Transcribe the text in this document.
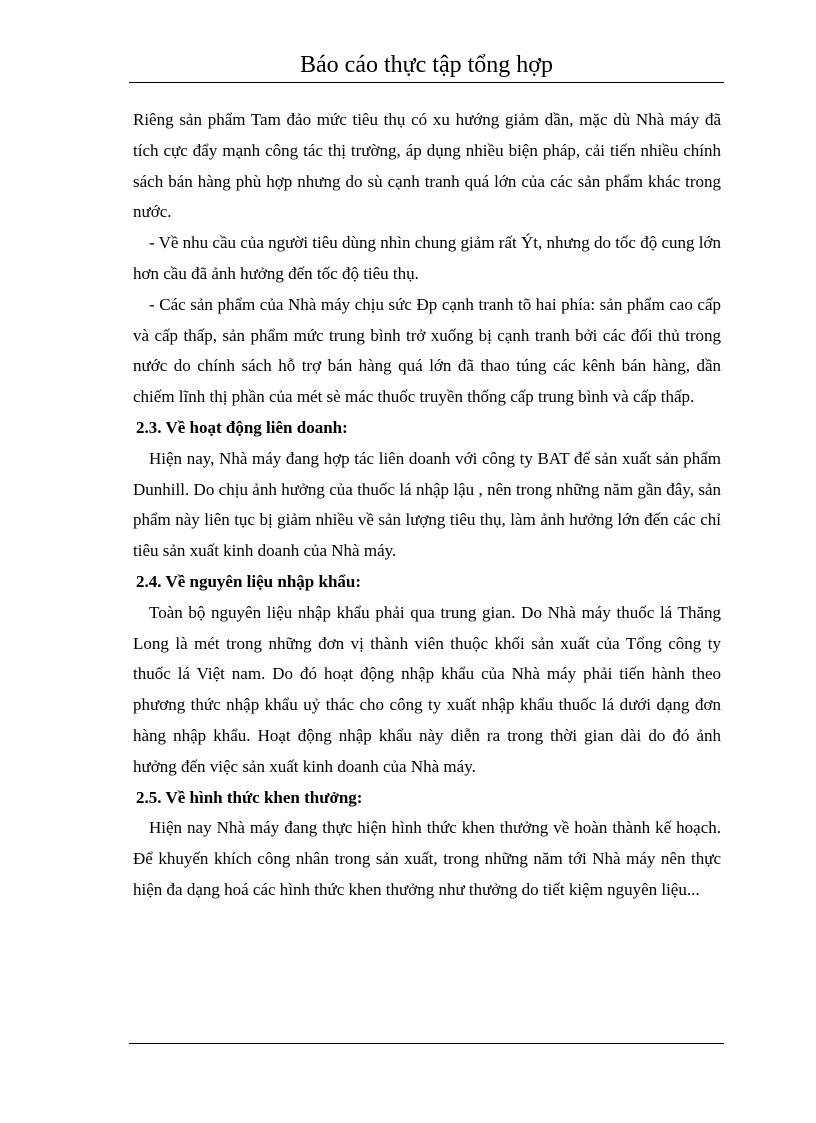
Báo cáo thực tập tổng hợp

Riêng sản phẩm Tam đảo mức tiêu thụ có xu hướng giảm dần, mặc dù Nhà máy đã tích cực đẩy mạnh công tác thị trường, áp dụng nhiều biện pháp, cải tiến nhiều chính sách bán hàng phù hợp nhưng do sù cạnh tranh quá lớn của các sản phẩm khác trong nước.

- Về nhu cầu của người tiêu dùng nhìn chung giảm rất Ýt, nhưng do tốc độ cung lớn hơn cầu đã ảnh hưởng đến tốc độ tiêu thụ.

- Các sản phẩm của Nhà máy chịu sức Ðp cạnh tranh tõ hai phía: sản phẩm cao cấp và cấp thấp, sản phẩm mức trung bình trở xuống bị cạnh tranh bởi các đối thủ trong nước do chính sách hỗ trợ bán hàng quá lớn đã thao túng các kênh bán hàng, dần chiếm lĩnh thị phần của mét sè mác thuốc truyền thống cấp trung bình và cấp thấp.

2.3. Về hoạt động liên doanh:

Hiện nay, Nhà máy đang hợp tác liên doanh với công ty BAT để sản xuất sản phẩm Dunhill. Do chịu ảnh hưởng của thuốc lá nhập lậu , nên trong những năm gần đây, sản phẩm này liên tục bị giảm nhiều về sản lượng tiêu thụ, làm ảnh hưởng lớn đến các chỉ tiêu sản xuất kinh doanh của Nhà máy.

2.4. Về nguyên liệu nhập khẩu:

Toàn bộ nguyên liệu nhập khẩu phải qua trung gian. Do Nhà máy thuốc lá Thăng Long là mét trong những đơn vị thành viên thuộc khối sản xuất của Tổng công ty thuốc lá Việt nam. Do đó hoạt động nhập khẩu của Nhà máy phải tiến hành theo phương thức nhập khẩu uỷ thác cho công ty xuất nhập khẩu thuốc lá dưới dạng đơn hàng nhập khẩu. Hoạt động nhập khẩu này diễn ra trong thời gian dài do đó ảnh hưởng đến việc sản xuất kinh doanh của Nhà máy.

2.5. Về hình thức khen thưởng:

Hiện nay Nhà máy đang thực hiện hình thức khen thưởng về hoàn thành kế hoạch. Để khuyến khích công nhân trong sản xuất, trong những năm tới Nhà máy nên thực hiện đa dạng hoá các hình thức khen thưởng như thưởng do tiết kiệm nguyên liệu...
